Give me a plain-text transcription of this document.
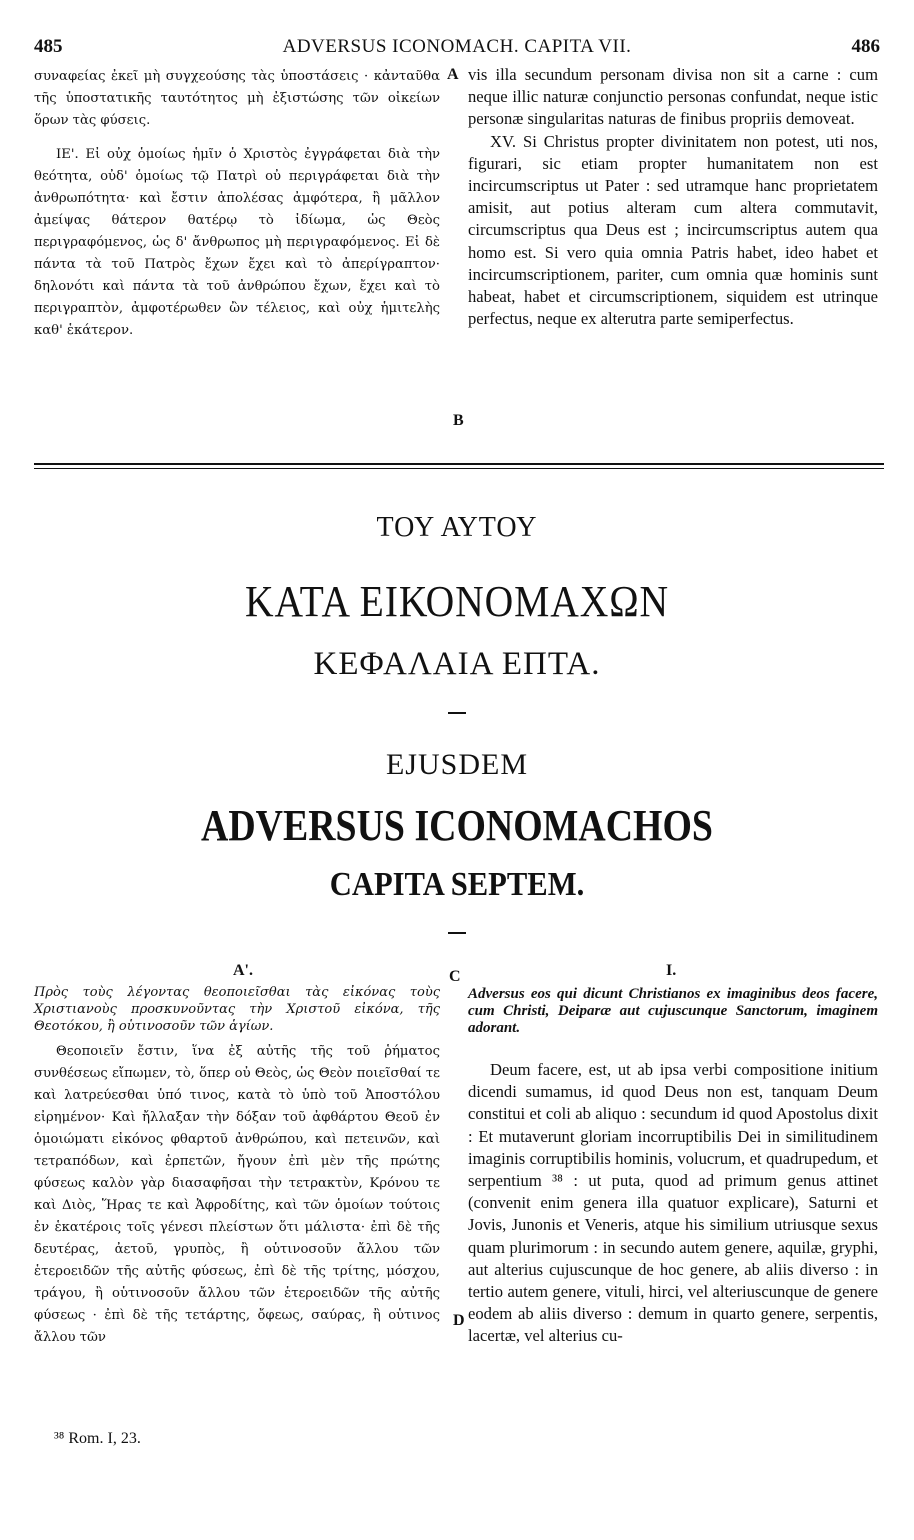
485	ADVERSUS ICONOMACH. CAPITA VII.	486

συναφείας ἐκεῖ μὴ συγχεούσης τὰς ὑποστάσεις · κἀνταῦθα τῆς ὑποστατικῆς ταυτότητος μὴ ἐξιστώσης τῶν οἰκείων ὅρων τὰς φύσεις.

ΙΕ'. Εἰ οὐχ ὁμοίως ἡμῖν ὁ Χριστὸς ἐγγράφεται διὰ τὴν θεότητα, οὐδ' ὁμοίως τῷ Πατρὶ οὐ περιγράφεται διὰ τὴν ἀνθρωπότητα· καὶ ἔστιν ἀπολέσας ἀμφότερα, ἢ μᾶλλον ἀμείψας θάτερον θατέρῳ τὸ ἰδίωμα, ὡς Θεὸς περιγραφόμενος, ὡς δ' ἄνθρωπος μὴ περιγραφόμενος. Εἰ δὲ πάντα τὰ τοῦ Πατρὸς ἔχων ἔχει καὶ τὸ ἀπερίγραπτον· δηλονότι καὶ πάντα τὰ τοῦ ἀνθρώπου ἔχων, ἔχει καὶ τὸ περιγραπτὸν, ἀμφοτέρωθεν ὢν τέλειος, καὶ οὐχ ἡμιτελὴς καθ' ἑκάτερον.

vis illa secundum personam divisa non sit a carne : cum neque illic naturæ conjunctio personas confundat, neque istic personæ singularitas naturas de finibus propriis demoveat.

XV. Si Christus propter divinitatem non potest, uti nos, figurari, sic etiam propter humanitatem non est incircumscriptus ut Pater : sed utramque hanc proprietatem amisit, aut potius alteram cum altera commutavit, circumscriptus qua Deus est ; incircumscriptus autem qua homo est. Si vero quia omnia Patris habet, ideo habet et incircumscriptionem, pariter, cum omnia quæ hominis sunt habeat, habet et circumscriptionem, siquidem est utrinque perfectus, neque ex alterutra parte semiperfectus.

A
B
C
D
ΤΟΥ ΑΥΤΟΥ
ΚΑΤΑ ΕΙΚΟΝΟΜΑΧΩΝ
ΚΕΦΑΛΑΙΑ ΕΠΤΑ.
EJUSDEM
ADVERSUS ICONOMACHOS
CAPITA SEPTEM.
Α'.

Πρὸς τοὺς λέγοντας θεοποιεῖσθαι τὰς εἰκόνας τοὺς Χριστιανοὺς προσκυνοῦντας τὴν Χριστοῦ εἰκόνα, τῆς Θεοτόκου, ἢ οὑτινοσοῦν τῶν ἁγίων.

Θεοποιεῖν ἔστιν, ἵνα ἐξ αὐτῆς τῆς τοῦ ῥήματος συνθέσεως εἴπωμεν, τὸ, ὅπερ οὐ Θεὸς, ὡς Θεὸν ποιεῖσθαί τε καὶ λατρεύεσθαι ὑπό τινος, κατὰ τὸ ὑπὸ τοῦ Ἀποστόλου εἰρημένον· Καὶ ἤλλαξαν τὴν δόξαν τοῦ ἀφθάρτου Θεοῦ ἐν ὁμοιώματι εἰκόνος φθαρτοῦ ἀνθρώπου, καὶ πετεινῶν, καὶ τετραπόδων, καὶ ἑρπετῶν, ἤγουν ἐπὶ μὲν τῆς πρώτης φύσεως καλὸν γὰρ διασαφῆσαι τὴν τετρακτὺν, Κρόνου τε καὶ Διὸς, Ἥρας τε καὶ Ἀφροδίτης, καὶ τῶν ὁμοίων τούτοις ἐν ἑκατέροις τοῖς γένεσι πλείστων ὅτι μάλιστα· ἐπὶ δὲ τῆς δευτέρας, ἀετοῦ, γρυπὸς, ἢ οὑτινοσοῦν ἄλλου τῶν ἑτεροειδῶν τῆς αὐτῆς φύσεως, ἐπὶ δὲ τῆς τρίτης, μόσχου, τράγου, ἢ οὑτινοσοῦν ἄλλου τῶν ἑτεροειδῶν τῆς αὐτῆς φύσεως · ἐπὶ δὲ τῆς τετάρτης, ὄφεως, σαύρας, ἢ οὑτινος ἄλλου τῶν

I.

Adversus eos qui dicunt Christianos ex imaginibus deos facere, cum Christi, Deiparæ aut cujuscunque Sanctorum, imaginem adorant.

Deum facere, est, ut ab ipsa verbi compositione initium dicendi sumamus, id quod Deus non est, tanquam Deum constitui et coli ab aliquo : secundum id quod Apostolus dixit : Et mutaverunt gloriam incorruptibilis Dei in similitudinem imaginis corruptibilis hominis, volucrum, et quadrupedum, et serpentium ³⁸ : ut puta, quod ad primum genus attinet (convenit enim genera illa quatuor explicare), Saturni et Jovis, Junonis et Veneris, atque his similium utriusque sexus quam plurimorum : in secundo autem genere, aquilæ, gryphi, aut alterius cujuscunque de hoc genere, ab aliis diverso : in tertio autem genere, vituli, hirci, vel alteriuscunque de genere eodem ab aliis diverso : demum in quarto genere, serpentis, lacertæ, vel alterius cu-

³⁸ Rom. I, 23.
